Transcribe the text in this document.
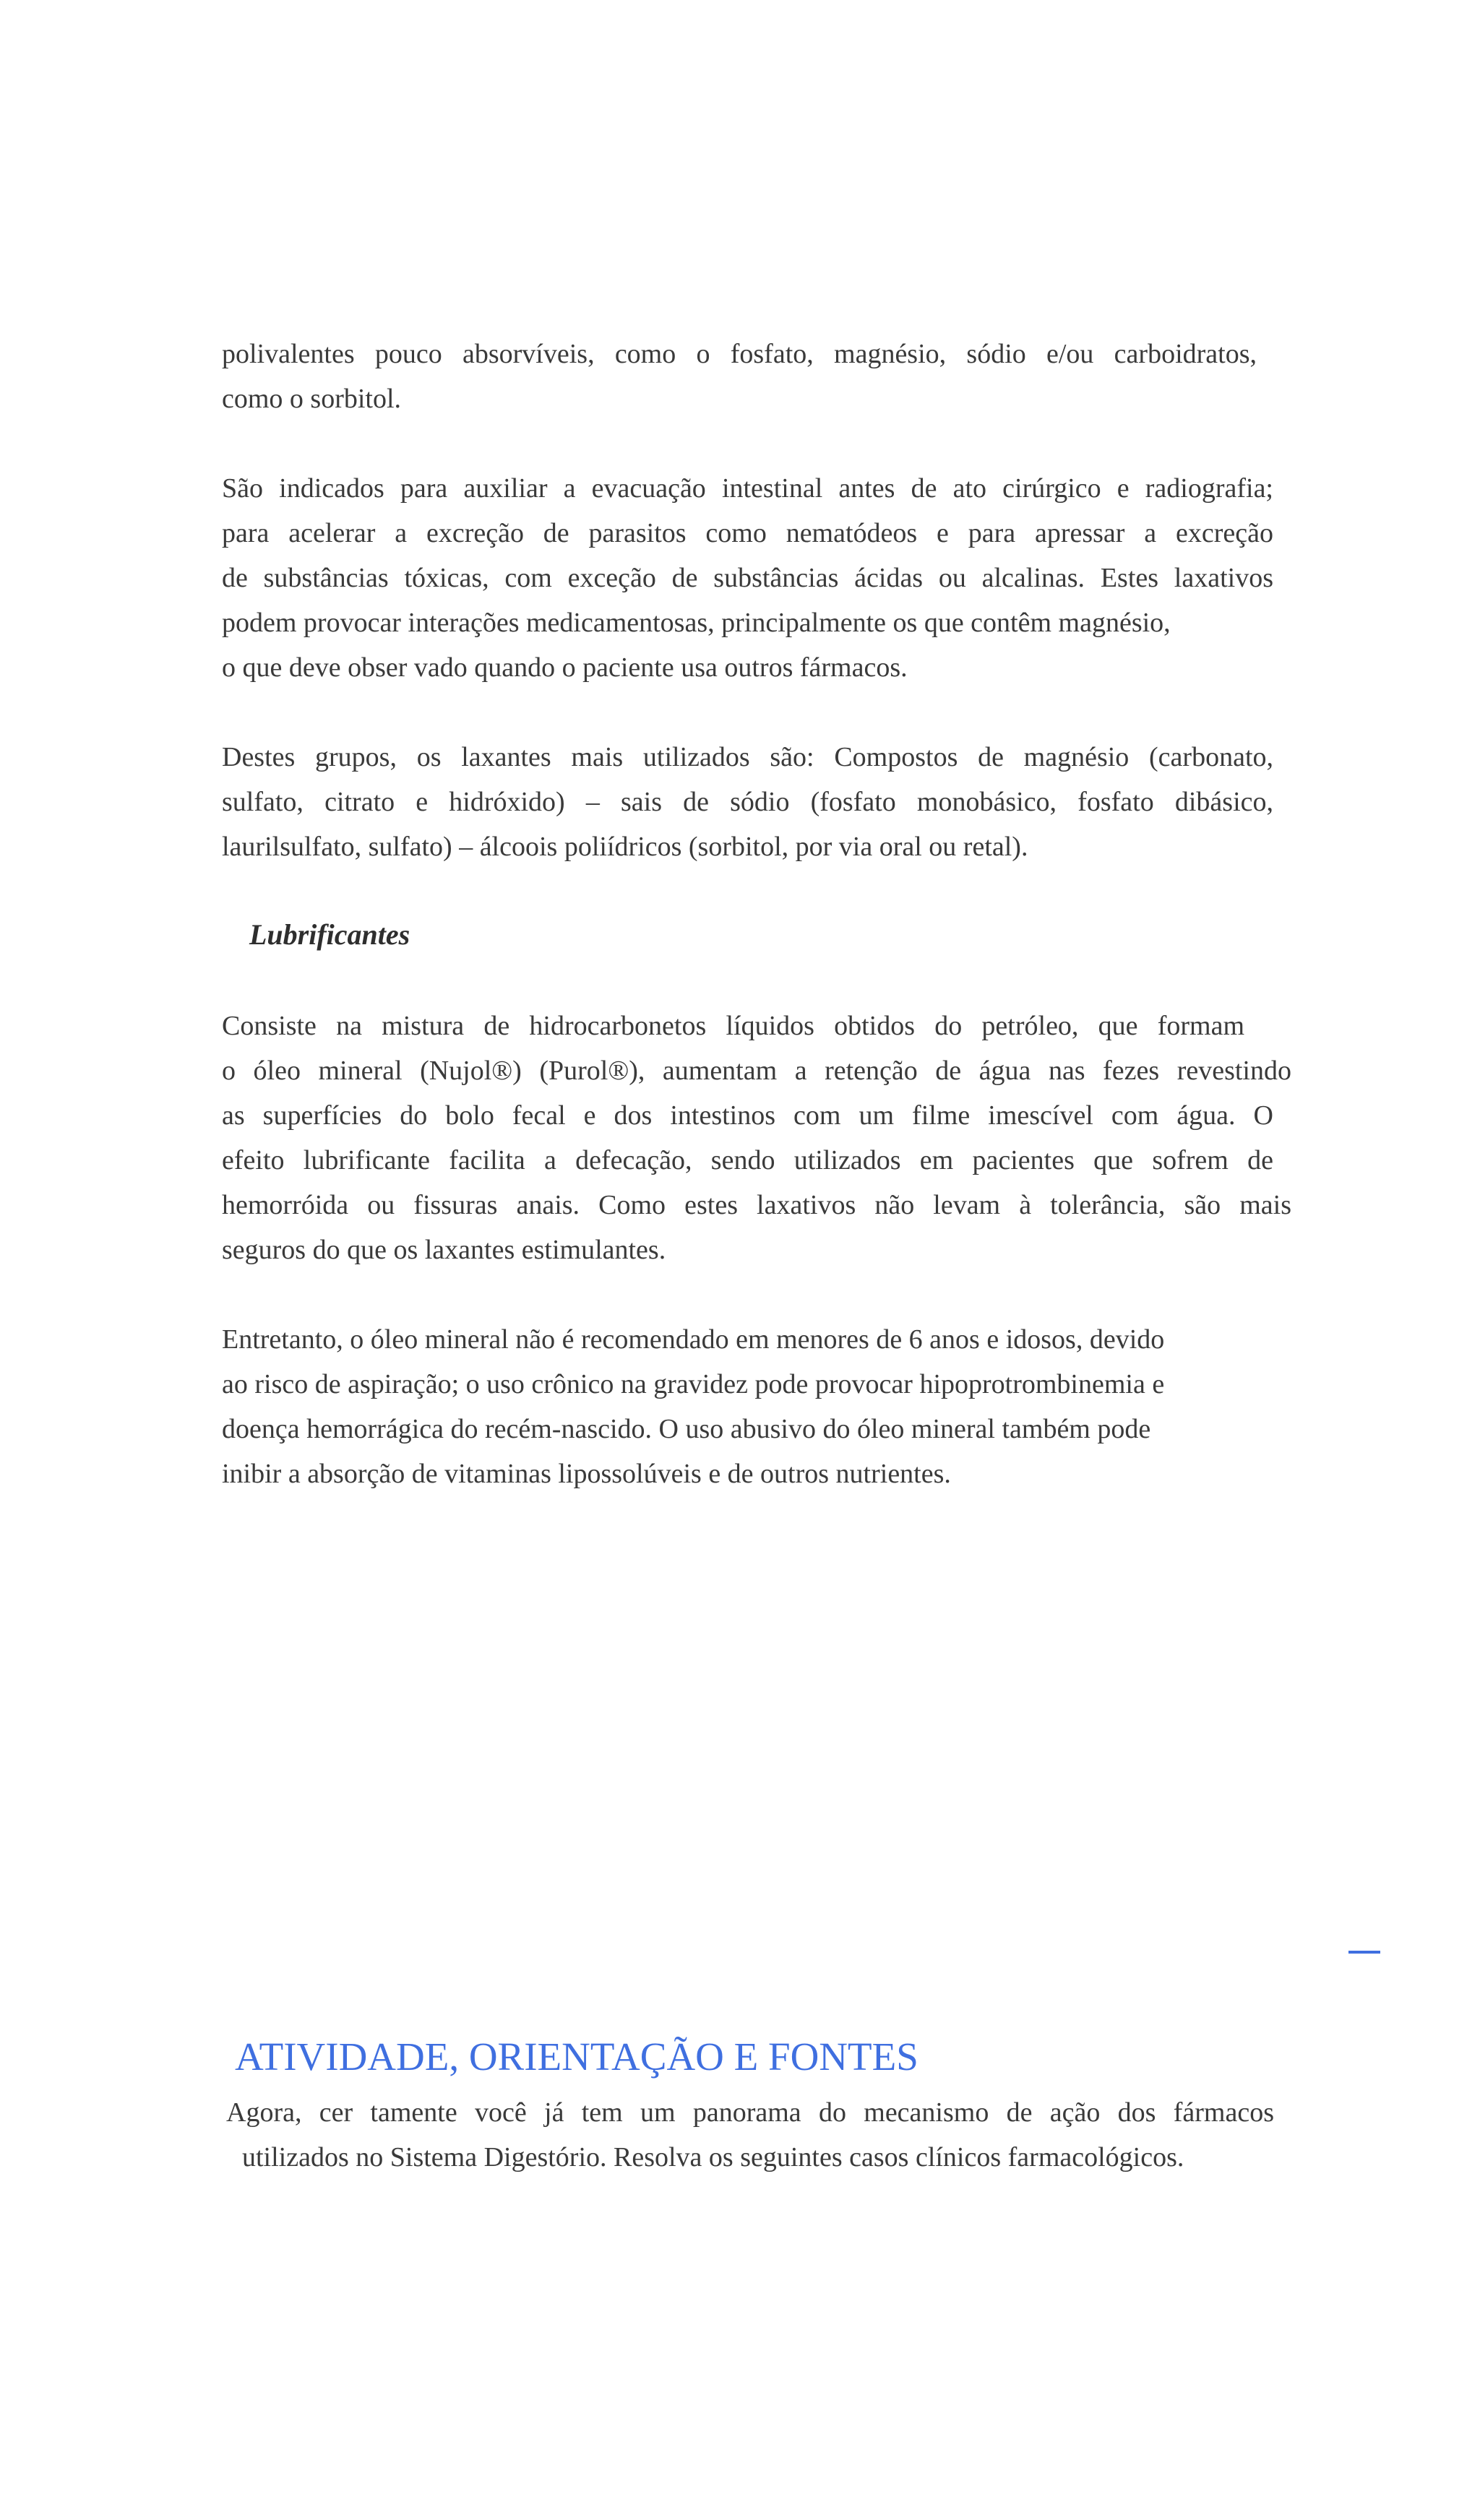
polivalentes pouco absorvíveis, como o fosfato, magnésio, sódio e/ou carboidratos,
como o sorbitol.

São indicados para auxiliar a evacuação intestinal antes de ato cirúrgico e radiografia;
para acelerar a excreção de parasitos como nematódeos e para apressar a excreção
de substâncias tóxicas, com exceção de substâncias ácidas ou alcalinas. Estes laxativos
podem provocar interações medicamentosas, principalmente os que contêm magnésio,
o que deve obser vado quando o paciente usa outros fármacos.

Destes grupos, os laxantes mais utilizados são: Compostos de magnésio (carbonato,
sulfato, citrato e hidróxido) – sais de sódio (fosfato monobásico, fosfato dibásico,
laurilsulfato, sulfato) – álcoois poliídricos (sorbitol, por via oral ou retal).

Lubrificantes

Consiste na mistura de hidrocarbonetos líquidos obtidos do petróleo, que formam
o óleo mineral (Nujol®) (Purol®), aumentam a retenção de água nas fezes revestindo
as superfícies do bolo fecal e dos intestinos com um filme imescível com água. O
efeito lubrificante facilita a defecação, sendo utilizados em pacientes que sofrem de
hemorróida ou fissuras anais. Como estes laxativos não levam à tolerância, são mais
seguros do que os laxantes estimulantes.

Entretanto, o óleo mineral não é recomendado em menores de 6 anos e idosos, devido
ao risco de aspiração; o uso crônico na gravidez pode provocar hipoprotrombinemia e
doença hemorrágica do recém-nascido. O uso abusivo do óleo mineral também pode
inibir a absorção de vitaminas lipossolúveis e de outros nutrientes.

ATIVIDADE, ORIENTAÇÃO E FONTES

Agora, cer tamente você já tem um panorama do mecanismo de ação dos fármacos
utilizados no Sistema Digestório. Resolva os seguintes casos clínicos farmacológicos.
